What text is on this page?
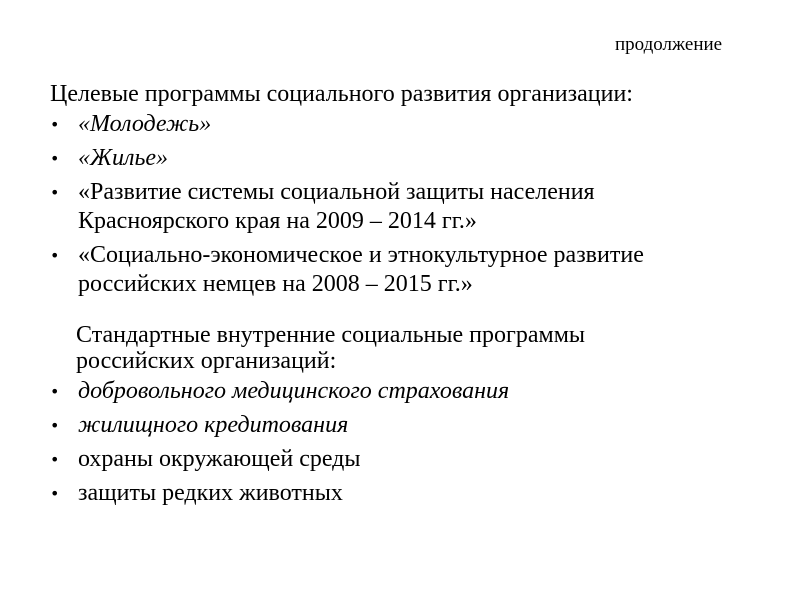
продолжение
Целевые программы социального развития организации:
• «Молодежь»
• «Жилье»
• «Развитие системы социальной защиты населения
Красноярского края на 2009 – 2014 гг.»
• «Социально-экономическое и этнокультурное развитие
российских немцев на 2008 – 2015 гг.»
Стандартные внутренние социальные программы
российских организаций:
• добровольного медицинского страхования
• жилищного кредитования
• охраны окружающей среды
• защиты редких животных
